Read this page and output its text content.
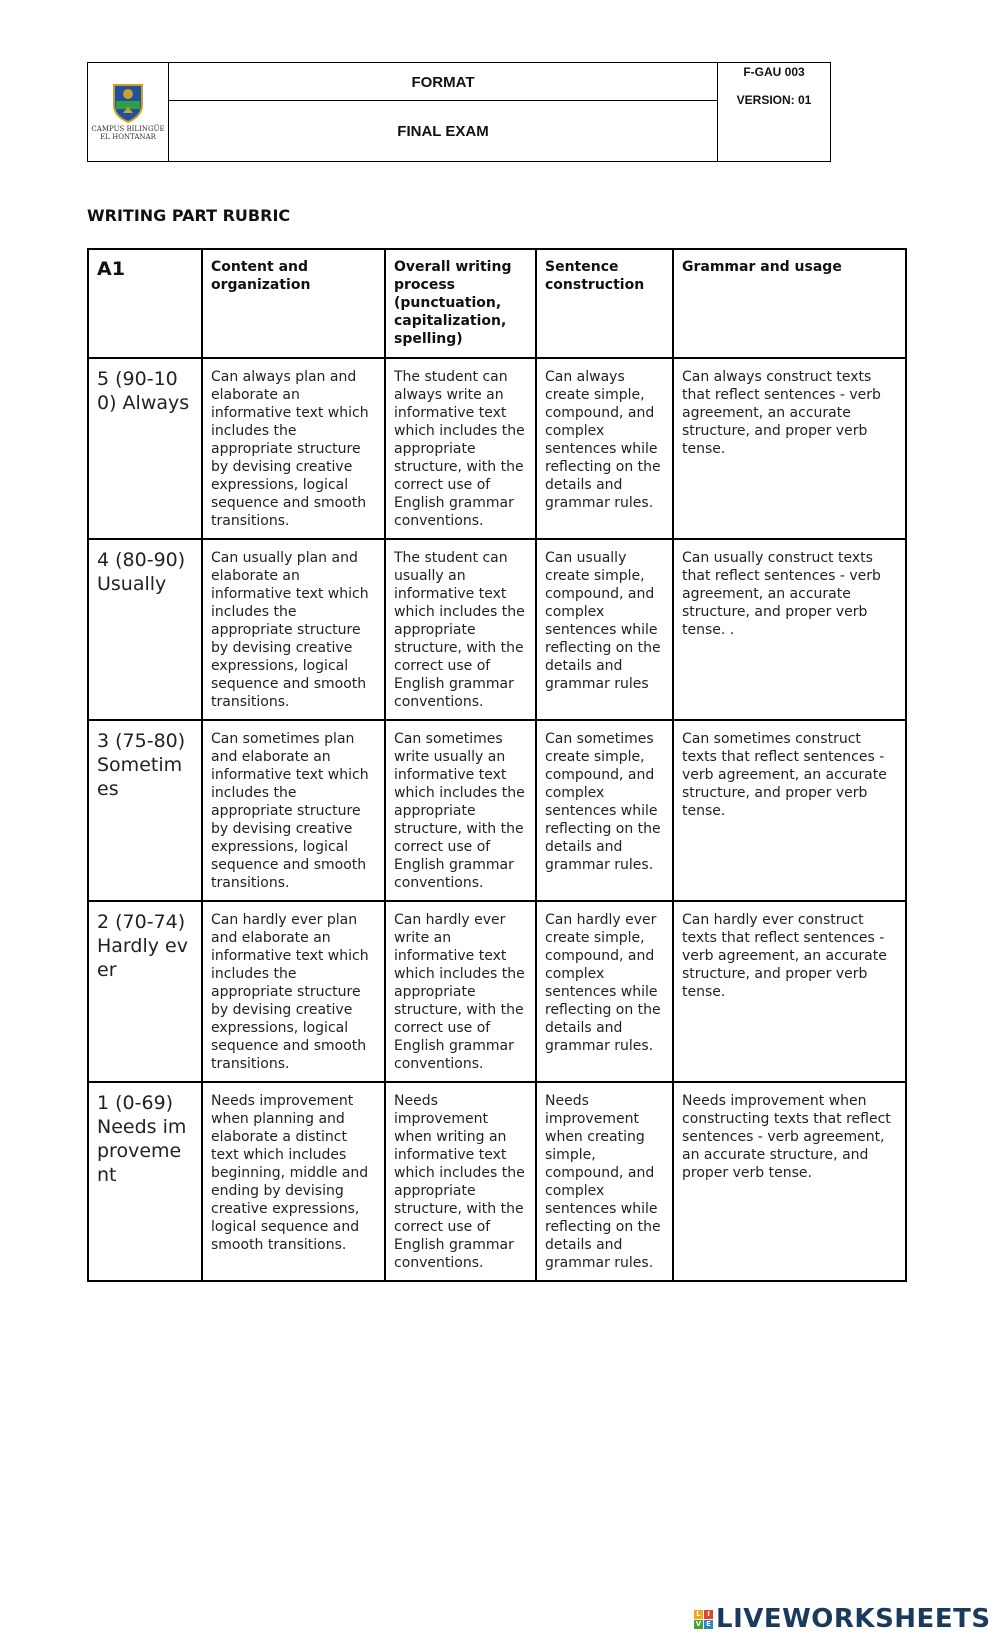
CAMPUS BILINGÜE
EL HONTANAR
FORMAT
FINAL EXAM
F-GAU 003
VERSION: 01
WRITING PART RUBRIC
A1	Content and organization	Overall writing process (punctuation, capitalization, spelling)	Sentence construction	Grammar and usage
5 (90-100) Always	Can always plan and elaborate an informative text which includes the appropriate structure by devising creative expressions, logical sequence and smooth transitions.	The student can always write an informative text which includes the appropriate structure, with the correct use of English grammar conventions.	Can always create simple, compound, and complex sentences while reflecting on the details and grammar rules.	Can always construct texts that reflect sentences - verb agreement, an accurate structure, and proper verb tense.
4 (80-90) Usually	Can usually plan and elaborate an informative text which includes the appropriate structure by devising creative expressions, logical sequence and smooth transitions.	The student can usually an informative text which includes the appropriate structure, with the correct use of English grammar conventions.	Can usually create simple, compound, and complex sentences while reflecting on the details and grammar rules	Can usually construct texts that reflect sentences - verb agreement, an accurate structure, and proper verb tense. .
3 (75-80) Sometimes	Can sometimes plan and elaborate an informative text which includes the appropriate structure by devising creative expressions, logical sequence and smooth transitions.	Can sometimes write usually an informative text which includes the appropriate structure, with the correct use of English grammar conventions.	Can sometimes create simple, compound, and complex sentences while reflecting on the details and grammar rules.	Can sometimes construct texts that reflect sentences - verb agreement, an accurate structure, and proper verb tense.
2 (70-74) Hardly ever	Can hardly ever plan and elaborate an informative text which includes the appropriate structure by devising creative expressions, logical sequence and smooth transitions.	Can hardly ever write an informative text which includes the appropriate structure, with the correct use of English grammar conventions.	Can hardly ever create simple, compound, and complex sentences while reflecting on the details and grammar rules.	Can hardly ever construct texts that reflect sentences - verb agreement, an accurate structure, and proper verb tense.
1 (0-69) Needs improvement	Needs improvement when planning and elaborate a distinct text which includes beginning, middle and ending by devising creative expressions, logical sequence and smooth transitions.	Needs improvement when writing an informative text which includes the appropriate structure, with the correct use of English grammar conventions.	Needs improvement when creating simple, compound, and complex sentences while reflecting on the details and grammar rules.	Needs improvement when constructing texts that reflect sentences - verb agreement, an accurate structure, and proper verb tense.
L I
V E LIVEWORKSHEETS
